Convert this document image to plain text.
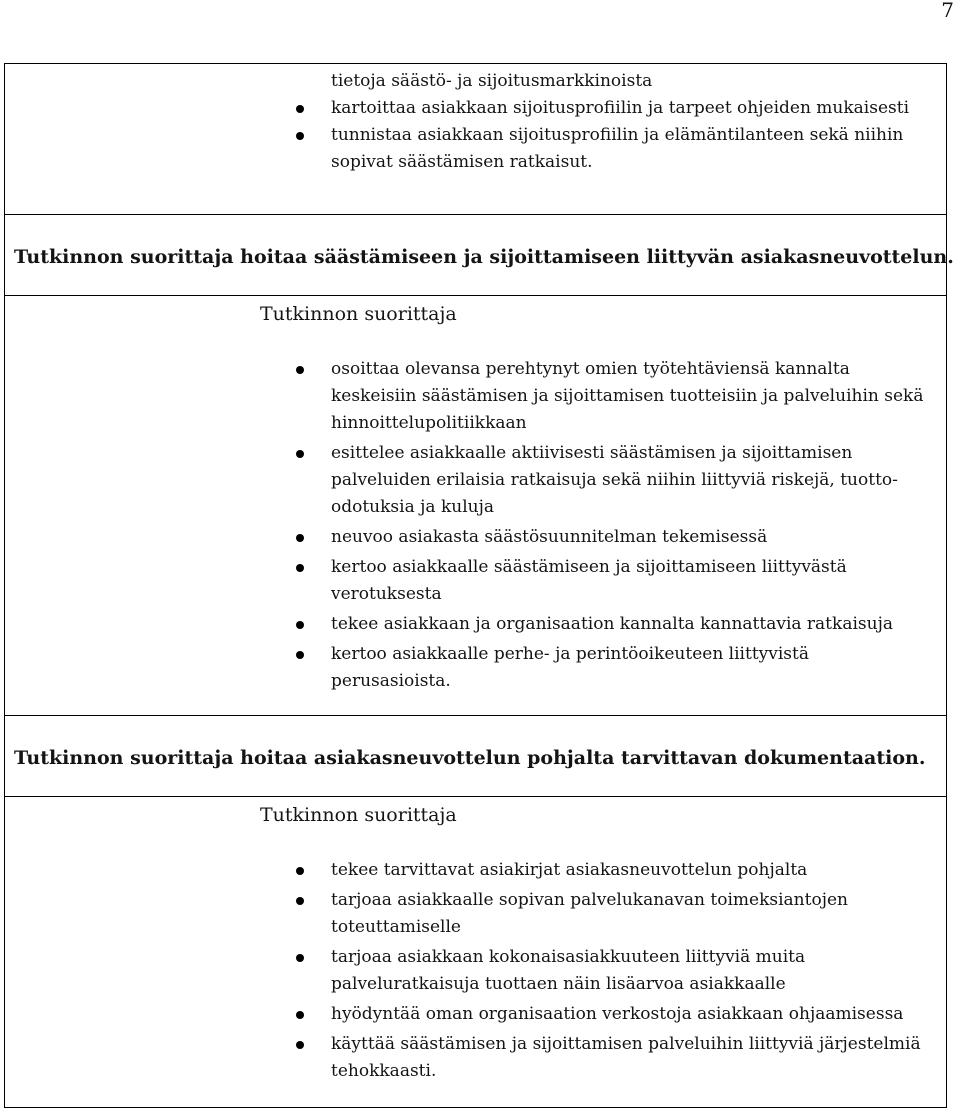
7
tietoja säästö- ja sijoitusmarkkinoista
kartoittaa asiakkaan sijoitusprofiilin ja tarpeet ohjeiden mukaisesti
tunnistaa asiakkaan sijoitusprofiilin ja elämäntilanteen sekä niihin sopivat säästämisen ratkaisut.

Tutkinnon suorittaja hoitaa säästämiseen ja sijoittamiseen liittyvän asiakasneuvottelun.

Tutkinnon suorittaja
osoittaa olevansa perehtynyt omien työtehtäviensä kannalta keskeisiin säästämisen ja sijoittamisen tuotteisiin ja palveluihin sekä hinnoittelupolitiikkaan
esittelee asiakkaalle aktiivisesti säästämisen ja sijoittamisen palveluiden erilaisia ratkaisuja sekä niihin liittyviä riskejä, tuotto-odotuksia ja kuluja
neuvoo asiakasta säästösuunnitelman tekemisessä
kertoo asiakkaalle säästämiseen ja sijoittamiseen liittyvästä verotuksesta
tekee asiakkaan ja organisaation kannalta kannattavia ratkaisuja
kertoo asiakkaalle perhe- ja perintöoikeuteen liittyvistä perusasioista.

Tutkinnon suorittaja hoitaa asiakasneuvottelun pohjalta tarvittavan dokumentaation.

Tutkinnon suorittaja
tekee tarvittavat asiakirjat asiakasneuvottelun pohjalta
tarjoaa asiakkaalle sopivan palvelukanavan toimeksiantojen toteuttamiselle
tarjoaa asiakkaan kokonaisasiakkuuteen liittyviä muita palveluratkaisuja tuottaen näin lisäarvoa asiakkaalle
hyödyntää oman organisaation verkostoja asiakkaan ohjaamisessa
käyttää säästämisen ja sijoittamisen palveluihin liittyviä järjestelmiä tehokkaasti.
